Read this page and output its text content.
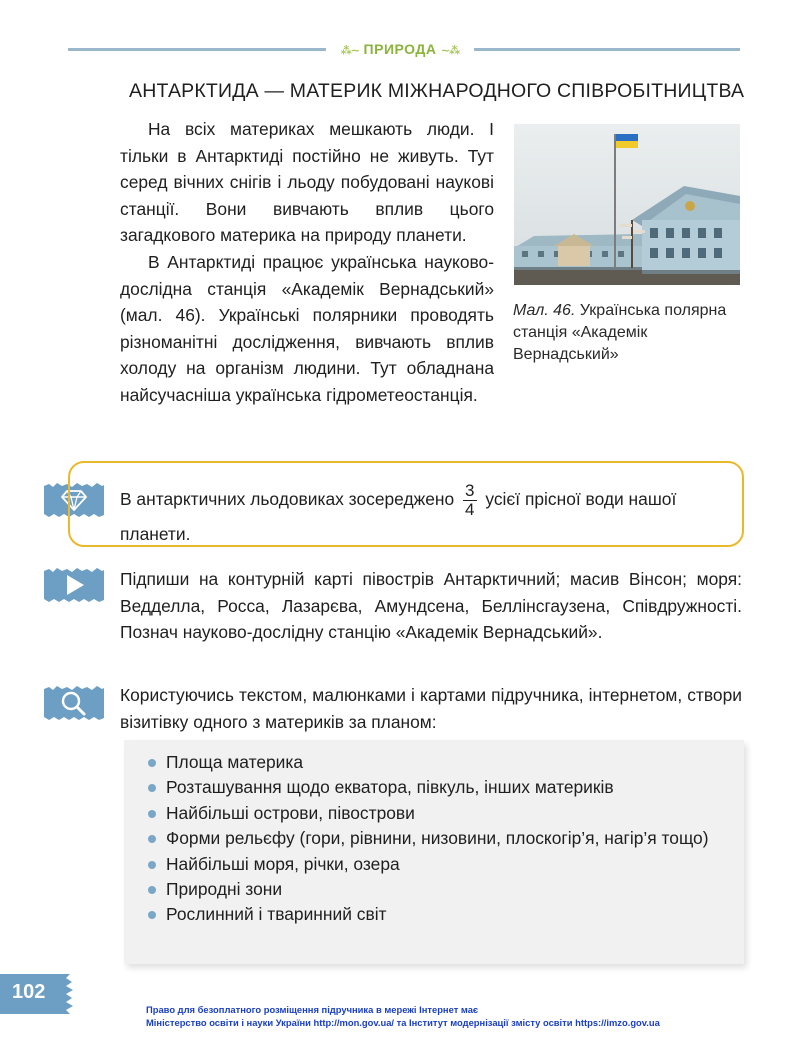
⁂∼ ПРИРОДА ∼⁂
АНТАРКТИДА — МАТЕРИК МІЖНАРОДНОГО СПІВРОБІТНИЦТВА

На всіх материках мешкають люди. І тільки в Антарктиді постійно не живуть. Тут серед вічних снігів і льоду побудовані наукові станції. Вони вивчають вплив цього загадкового материка на природу планети.

В Антарктиді працює українська науково-дослідна станція «Академік Вернадський» (мал. 46). Українські полярники проводять різноманітні дослідження, вивчають вплив холоду на організм людини. Тут обладнана найсучасніша українська гідрометеостанція.

Мал. 46. Українська полярна станція «Академік Вернадський»
В антарктичних льодовиках зосереджено $\frac{3}{4}$ усієї прісної води нашої планети.
Підпиши на контурній карті півострів Антарктичний; масив Вінсон; моря: Ведделла, Росса, Лазарєва, Амундсена, Беллінсгаузена, Співдружності. Познач науково-дослідну станцію «Академік Вернадський».
Користуючись текстом, малюнками і картами підручника, інтернетом, створи візитівку одного з материків за планом:
Площа материка
Розташування щодо екватора, півкуль, інших материків
Найбільші острови, півострови
Форми рельєфу (гори, рівнини, низовини, плоскогір’я, нагір’я тощо)
Найбільші моря, річки, озера
Природні зони
Рослинний і тваринний світ
102
Право для безоплатного розміщення підручника в мережі Інтернет має
Міністерство освіти і науки України http://mon.gov.ua/ та Інститут модернізації змісту освіти https://imzo.gov.ua
